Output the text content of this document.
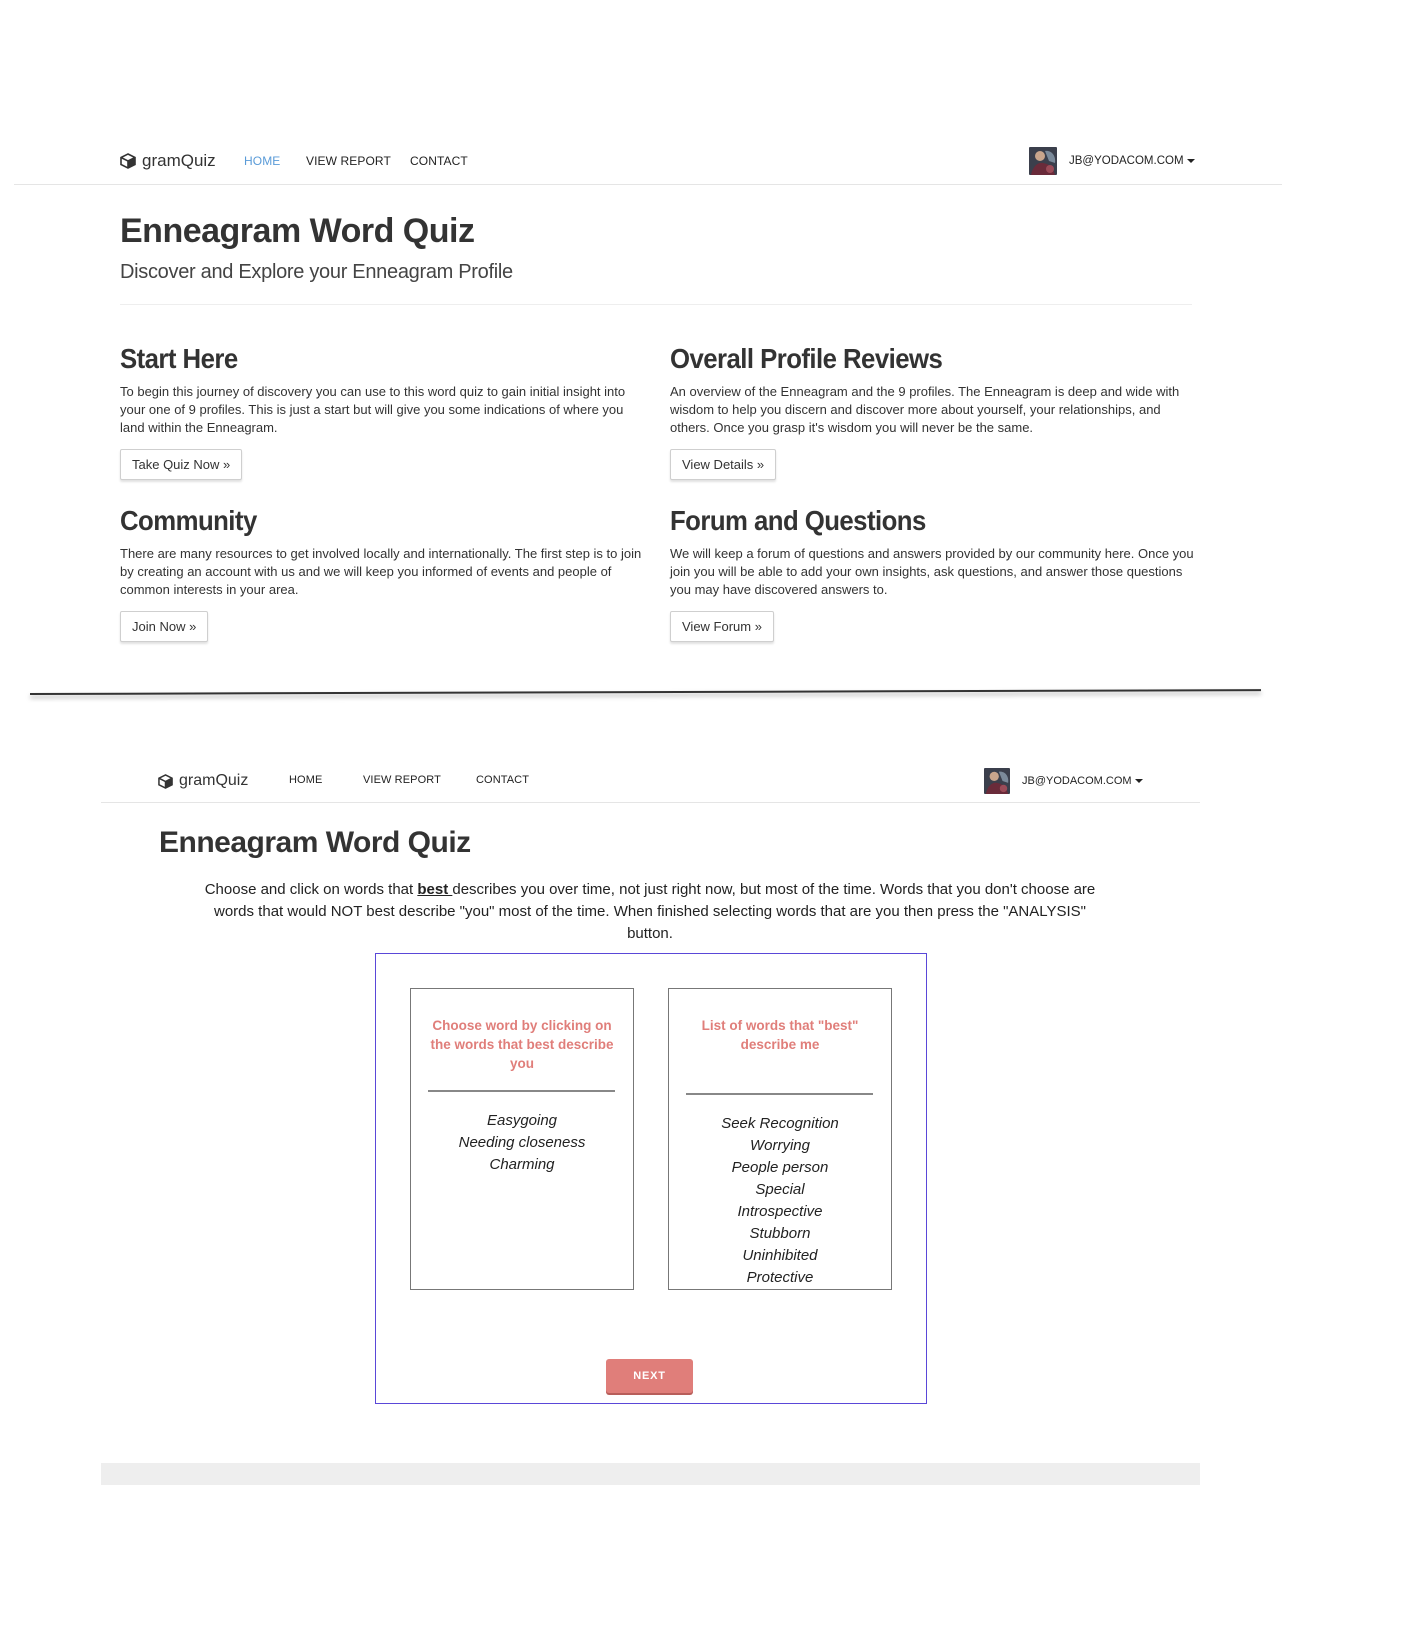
gramQuiz HOME VIEW REPORT CONTACT	JB@YODACOM.COM
Enneagram Word Quiz

Discover and Explore your Enneagram Profile

Start Here

To begin this journey of discovery you can use to this word quiz to gain initial insight into your one of 9 profiles. This is just a start but will give you some indications of where you land within the Enneagram.

Take Quiz Now »
Overall Profile Reviews

An overview of the Enneagram and the 9 profiles. The Enneagram is deep and wide with wisdom to help you discern and discover more about yourself, your relationships, and others. Once you grasp it's wisdom you will never be the same.

View Details »
Community

There are many resources to get involved locally and internationally. The first step is to join by creating an account with us and we will keep you informed of events and people of common interests in your area.

Join Now »
Forum and Questions

We will keep a forum of questions and answers provided by our community here. Once you join you will be able to add your own insights, ask questions, and answer those questions you may have discovered answers to.

View Forum »
gramQuiz	HOME	VIEW REPORT	CONTACT	JB@YODACOM.COM
Enneagram Word Quiz

Choose and click on words that best describes you over time, not just right now, but most of the time. Words that you don't choose are words that would NOT best describe "you" most of the time. When finished selecting words that are you then press the "ANALYSIS" button.

Choose word by clicking on the words that best describe you
Easygoing
Needing closeness
Charming
List of words that "best" describe me
Seek Recognition
Worrying
People person
Special
Introspective
Stubborn
Uninhibited
Protective
NEXT
